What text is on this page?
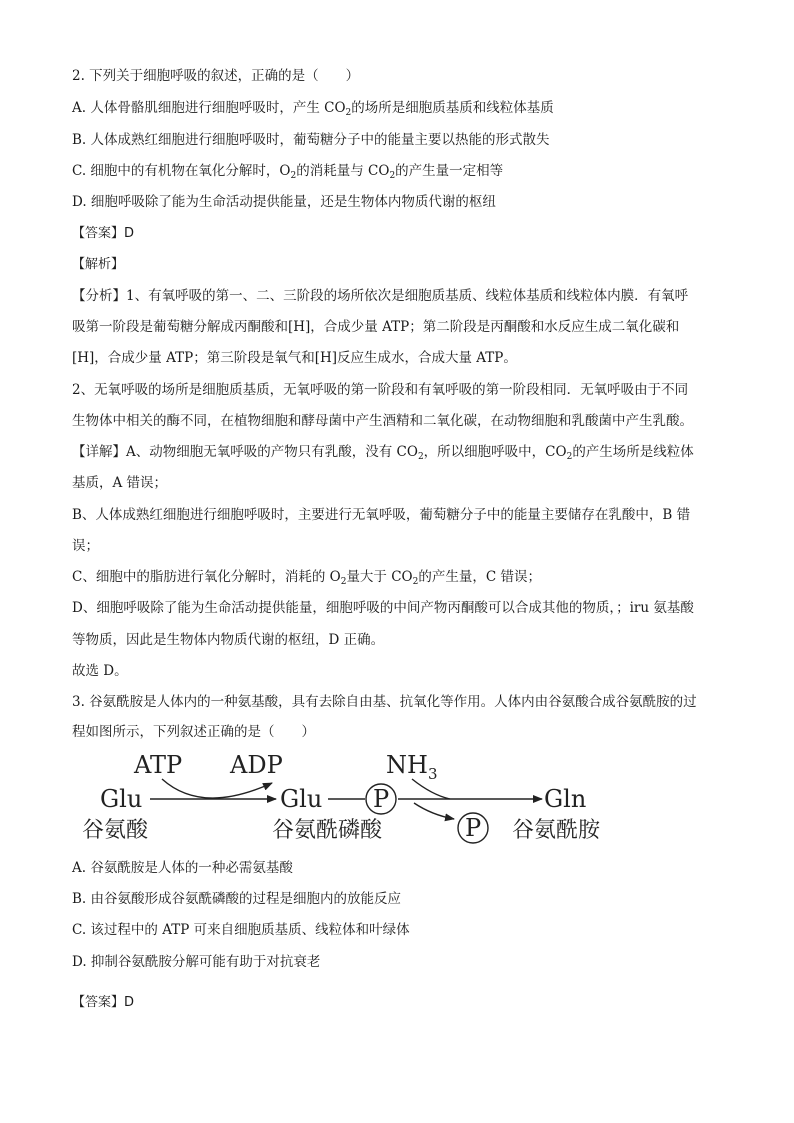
2. 下列关于细胞呼吸的叙述，正确的是（　　）
A. 人体骨骼肌细胞进行细胞呼吸时，产生 $CO_2$的场所是细胞质基质和线粒体基质
B. 人体成熟红细胞进行细胞呼吸时，葡萄糖分子中的能量主要以热能的形式散失
C. 细胞中的有机物在氧化分解时，$O_2$的消耗量与 $CO_2$的产生量一定相等
D. 细胞呼吸除了能为生命活动提供能量，还是生物体内物质代谢的枢纽
【答案】D
【解析】
【分析】1、有氧呼吸的第一、二、三阶段的场所依次是细胞质基质、线粒体基质和线粒体内膜．有氧呼
吸第一阶段是葡萄糖分解成丙酮酸和[H]，合成少量 ATP；第二阶段是丙酮酸和水反应生成二氧化碳和
[H]，合成少量 ATP；第三阶段是氧气和[H]反应生成水，合成大量 ATP。
2、无氧呼吸的场所是细胞质基质，无氧呼吸的第一阶段和有氧呼吸的第一阶段相同．无氧呼吸由于不同
生物体中相关的酶不同，在植物细胞和酵母菌中产生酒精和二氧化碳，在动物细胞和乳酸菌中产生乳酸。
【详解】A、动物细胞无氧呼吸的产物只有乳酸，没有 $CO_2$，所以细胞呼吸中，$CO_2$的产生场所是线粒体
基质，A 错误；
B、人体成熟红细胞进行细胞呼吸时，主要进行无氧呼吸，葡萄糖分子中的能量主要储存在乳酸中，B 错
误；
C、细胞中的脂肪进行氧化分解时，消耗的 $O_2$量大于 $CO_2$的产生量，C 错误；
D、细胞呼吸除了能为生命活动提供能量，细胞呼吸的中间产物丙酮酸可以合成其他的物质，；iru 氨基酸
等物质，因此是生物体内物质代谢的枢纽，D 正确。
故选 D。
3. 谷氨酰胺是人体内的一种氨基酸，具有去除自由基、抗氧化等作用。人体内由谷氨酸合成谷氨酰胺的过
程如图所示，下列叙述正确的是（　　）
ATP ADP	$NH_3$
Glu	Glu P
P
Gln
谷氨酸	谷氨酰磷酸	谷氨酰胺
A. 谷氨酰胺是人体的一种必需氨基酸
B. 由谷氨酸形成谷氨酰磷酸的过程是细胞内的放能反应
C. 该过程中的 ATP 可来自细胞质基质、线粒体和叶绿体
D. 抑制谷氨酰胺分解可能有助于对抗衰老
【答案】D
